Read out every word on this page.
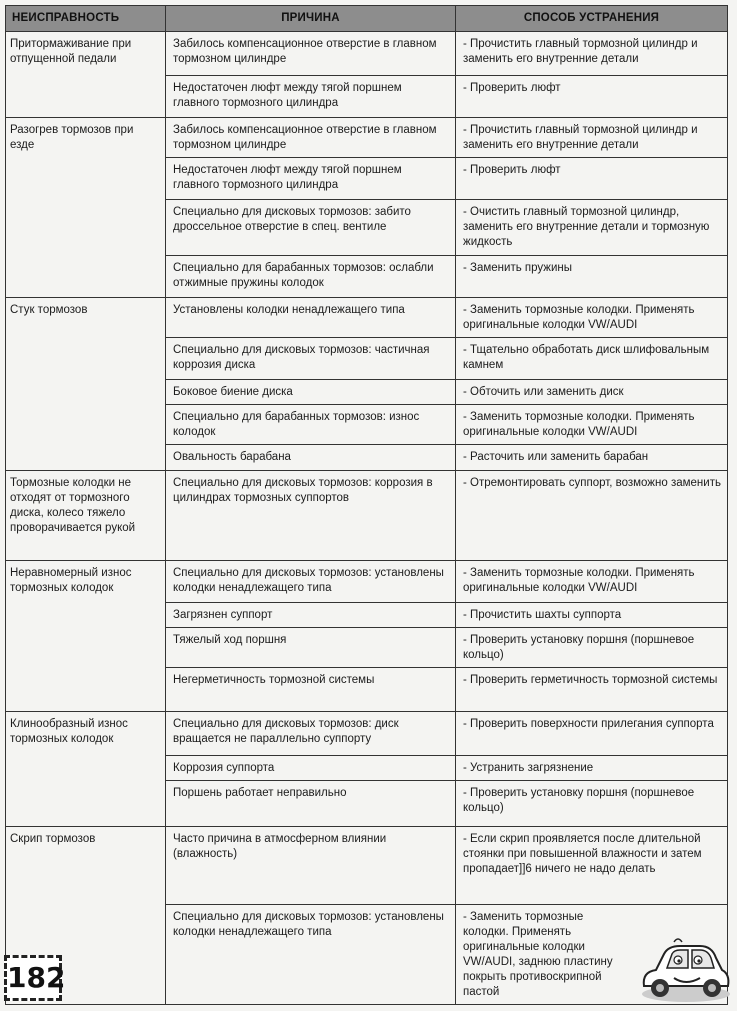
НЕИСПРАВНОСТЬ	ПРИЧИНА	СПОСОБ УСТРАНЕНИЯ
Притормаживание при отпущенной педали	Забилось компенсационное отверстие в главном тормозном цилиндре	- Прочистить главный тормозной цилиндр и заменить его внутренние детали
	Недостаточен люфт между тягой поршнем главного тормозного цилиндра	- Проверить люфт
Разогрев тормозов при езде	Забилось компенсационное отверстие в главном тормозном цилиндре	- Прочистить главный тормозной цилиндр и заменить его внутренние детали
	Недостаточен люфт между тягой поршнем главного тормозного цилиндра	- Проверить люфт
	Специально для дисковых тормозов: забито дроссельное отверстие в спец. вентиле	- Очистить главный тормозной цилиндр, заменить его внутренние детали и тормозную жидкость
	Специально для барабанных тормозов: ослабли отжимные пружины колодок	- Заменить пружины
Стук тормозов	Установлены колодки ненадлежащего типа	- Заменить тормозные колодки. Применять оригинальные колодки VW/AUDI
	Специально для дисковых тормозов: частичная коррозия диска	- Тщательно обработать диск шлифовальным камнем
	Боковое биение диска	- Обточить или заменить диск
	Специально для барабанных тормозов: износ колодок	- Заменить тормозные колодки. Применять оригинальные колодки VW/AUDI
	Овальность барабана	- Расточить или заменить барабан
Тормозные колодки не отходят от тормозного диска, колесо тяжело проворачивается рукой	Специально для дисковых тормозов: коррозия в цилиндрах тормозных суппортов	- Отремонтировать суппорт, возможно заменить
Неравномерный износ тормозных колодок	Специально для дисковых тормозов: установлены колодки ненадлежащего типа	- Заменить тормозные колодки. Применять оригинальные колодки VW/AUDI
	Загрязнен суппорт	- Прочистить шахты суппорта
	Тяжелый ход поршня	- Проверить установку поршня (поршневое кольцо)
	Негерметичность тормозной системы	- Проверить герметичность тормозной системы
Клинообразный износ тормозных колодок	Специально для дисковых тормозов: диск вращается не параллельно суппорту	- Проверить поверхности прилегания суппорта
	Коррозия суппорта	- Устранить загрязнение
	Поршень работает неправильно	- Проверить установку поршня (поршневое кольцо)
Скрип тормозов	Часто причина в атмосферном влиянии (влажность)	- Если скрип проявляется после длительной стоянки при повышенной влажности и затем пропадает]]6 ничего не надо делать
	Специально для дисковых тормозов: установлены колодки ненадлежащего типа	- Заменить тормозные колодки. Применять оригинальные колодки VW/AUDI, заднюю пластину покрыть противоскрипной пастой
182
